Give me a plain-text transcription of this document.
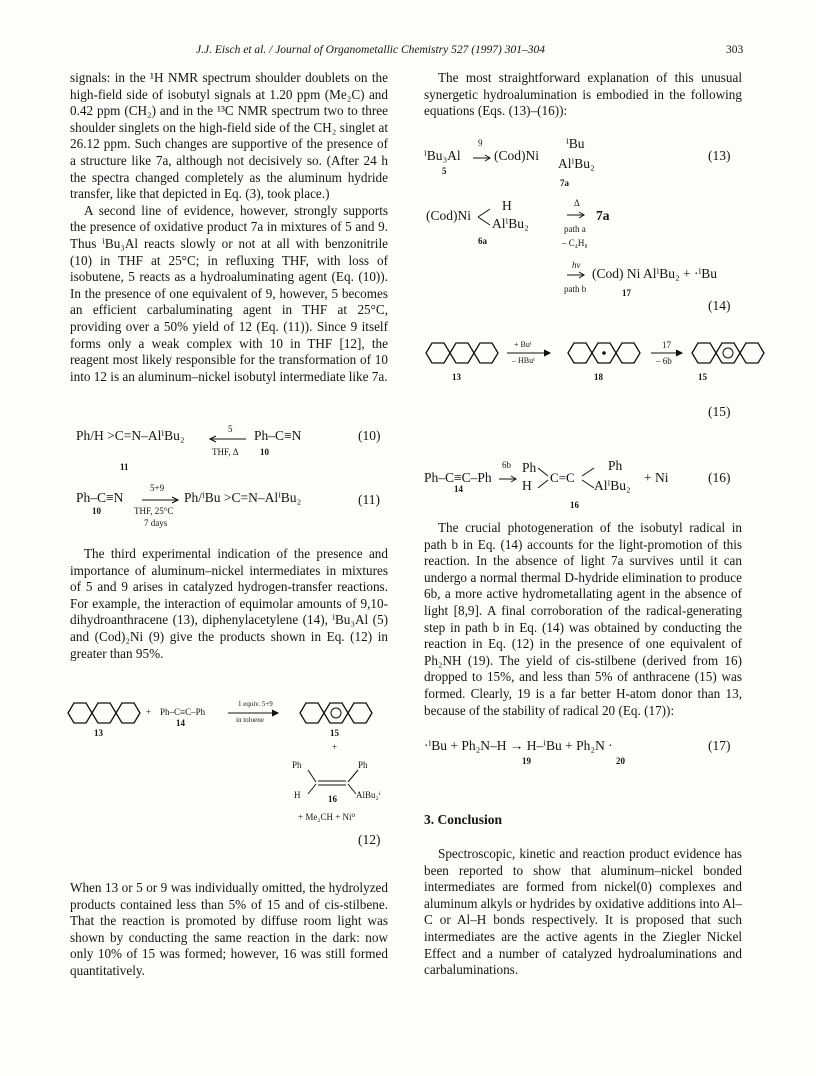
J.J. Eisch et al. / Journal of Organometallic Chemistry 527 (1997) 301–304	303

signals: in the ¹H NMR spectrum shoulder doublets on the high-field side of isobutyl signals at 1.20 ppm (Me₂C) and 0.42 ppm (CH₂) and in the ¹³C NMR spectrum two to three shoulder singlets on the high-field side of the CH₂ singlet at 26.12 ppm. Such changes are supportive of the presence of a structure like 7a, although not decisively so. (After 24 h the spectra changed completely as the aluminum hydride transfer, like that depicted in Eq. (3), took place.)

A second line of evidence, however, strongly supports the presence of oxidative product 7a in mixtures of 5 and 9. Thus ⁱBu₃Al reacts slowly or not at all with benzonitrile (10) in THF at 25°C; in refluxing THF, with loss of isobutene, 5 reacts as a hydroaluminating agent (Eq. (10)). In the presence of one equivalent of 9, however, 5 becomes an efficient carbaluminating agent in THF at 25°C, providing over a 50% yield of 12 (Eq. (11)). Since 9 itself forms only a weak complex with 10 in THF [12], the reagent most likely responsible for the transformation of 10 into 12 is an aluminum–nickel isobutyl intermediate like 7a.

Ph/H >C=N–AlⁱBu₂	5
THF, Δ
Ph–C≡N
11
10
(10)
Ph–C≡N
5+9
THF, 25°C
7 days
Ph/ⁱBu >C=N–AlⁱBu₂
10
(11)

The third experimental indication of the presence and importance of aluminum–nickel intermediates in mixtures of 5 and 9 arises in catalyzed hydrogen-transfer reactions. For example, the interaction of equimolar amounts of 9,10-dihydroanthracene (13), diphenylacetylene (14), ⁱBu₃Al (5) and (Cod)₂Ni (9) give the products shown in Eq. (12) in greater than 95%.

13
+ Ph–C≡C–Ph
14
1 equiv. 5+9
in toluene
15
+
Ph	Ph
H	16 AlBu₂ⁱ
+ Me₂CH + Ni⁰
(12)

When 13 or 5 or 9 was individually omitted, the hydrolyzed products contained less than 5% of 15 and of cis-stilbene. That the reaction is promoted by diffuse room light was shown by conducting the same reaction in the dark: now only 10% of 15 was formed; however, 16 was still formed quantitatively.

The most straightforward explanation of this unusual synergetic hydroalumination is embodied in the following equations (Eqs. (13)–(16)):

ⁱBu₃Al
9
5
(Cod)Ni
ⁱBu
AlⁱBu₂
7a
(13)
(Cod)Ni
H
AlⁱBu₂
6a
Δ
path a
– C₄H₈
7a
hν
path b
(Cod) Ni AlⁱBu₂ + ·ⁱBu
17
(14)
13
+ Buⁱ
– HBuⁱ
18
17
– 6b
15
(15)
Ph–C≡C–Ph
14
6b Ph
H
C=C
Ph
AlⁱBu₂
+ Ni
16
(16)

The crucial photogeneration of the isobutyl radical in path b in Eq. (14) accounts for the light-promotion of this reaction. In the absence of light 7a survives until it can undergo a normal thermal D-hydride elimination to produce 6b, a more active hydrometallating agent in the absence of light [8,9]. A final corroboration of the radical-generating step in path b in Eq. (14) was obtained by conducting the reaction in Eq. (12) in the presence of one equivalent of Ph₂NH (19). The yield of cis-stilbene (derived from 16) dropped to 15%, and less than 5% of anthracene (15) was formed. Clearly, 19 is a far better H-atom donor than 13, because of the stability of radical 20 (Eq. (17)):

·ⁱBu + Ph₂N–H → H–ⁱBu + Ph₂N ·
19	20
(17)
3. Conclusion

Spectroscopic, kinetic and reaction product evidence has been reported to show that aluminum–nickel bonded intermediates are formed from nickel(0) complexes and aluminum alkyls or hydrides by oxidative additions into Al–C or Al–H bonds respectively. It is proposed that such intermediates are the active agents in the Ziegler Nickel Effect and a number of catalyzed hydroaluminations and carbaluminations.
